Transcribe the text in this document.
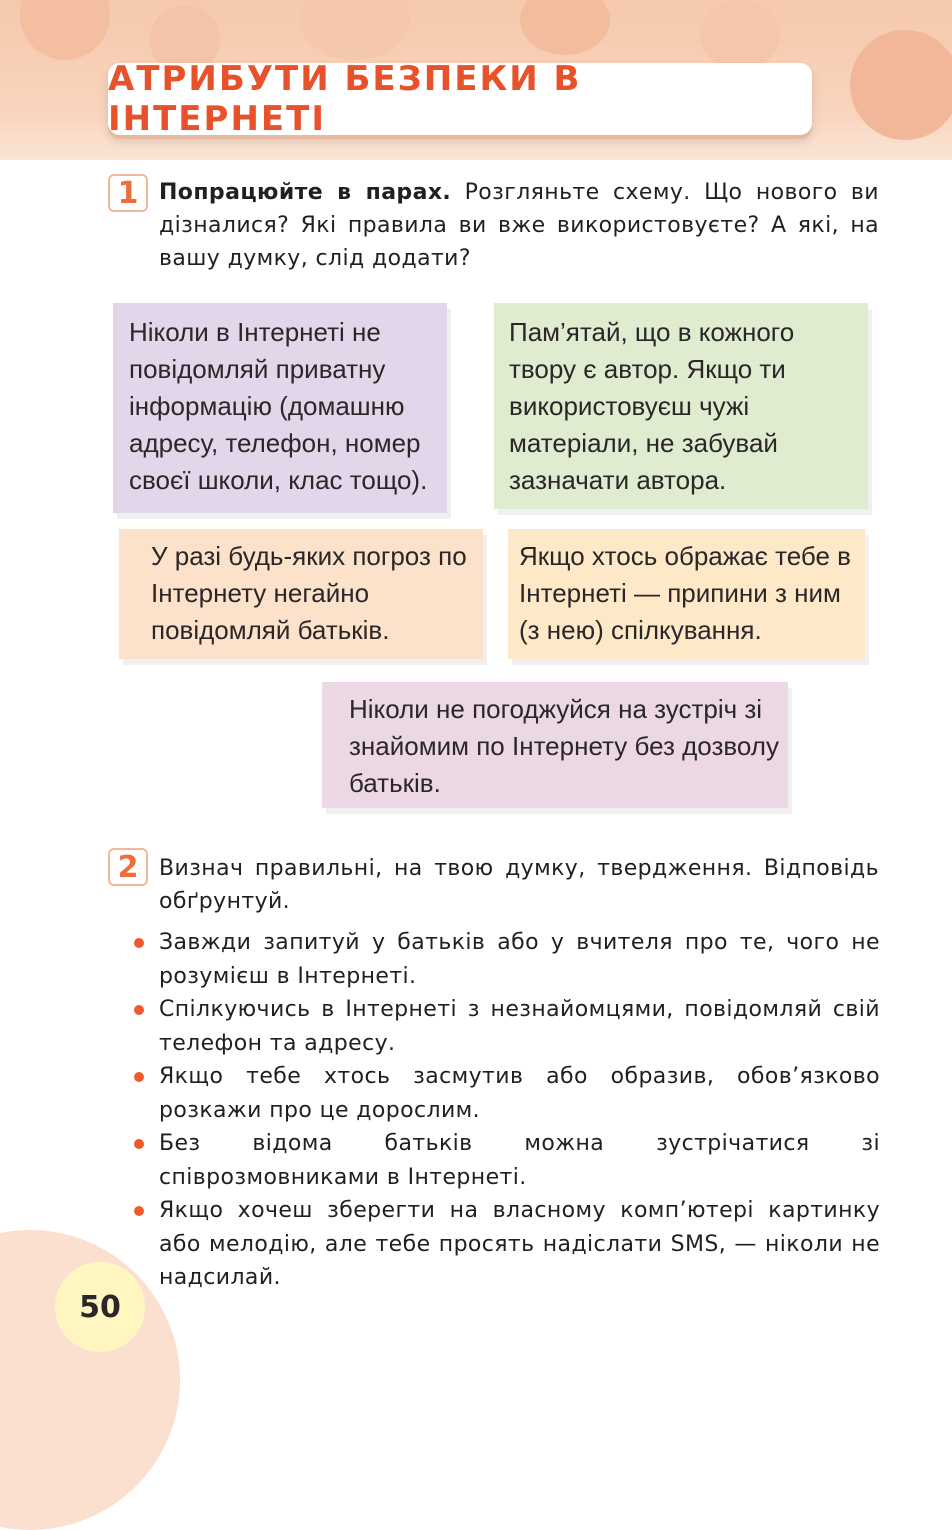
АТРИБУТИ БЕЗПЕКИ В ІНТЕРНЕТІ
1 Попрацюйте в парах. Розгляньте схему. Що нового ви дізналися? Які правила ви вже використовуєте? А які, на вашу думку, слід додати?

Ніколи в Інтернеті не повідомляй приватну інформацію (домашню адресу, телефон, номер своєї школи, клас тощо).

Пам’ятай, що в кожного твору є автор. Якщо ти використовуєш чужі матеріали, не забувай зазначати автора.

У разі будь-яких погроз по Інтернету негайно повідомляй батьків.

Якщо хтось ображає тебе в Інтернеті — припини з ним (з нею) спілкування.

Ніколи не погоджуйся на зустріч зі знайомим по Інтернету без дозволу батьків.

2 Визнач правильні, на твою думку, твердження. Відповідь обґрунтуй.
Завжди запитуй у батьків або у вчителя про те, чого не розумієш в Інтернеті.
Спілкуючись в Інтернеті з незнайомцями, повідомляй свій телефон та адресу.
Якщо тебе хтось засмутив або образив, обов’язково розкажи про це дорослим.
Без відома батьків можна зустрічатися зі співрозмовниками в Інтернеті.
Якщо хочеш зберегти на власному комп’ютері картинку або мелодію, але тебе просять надіслати SMS, — ніколи не надсилай.
50
